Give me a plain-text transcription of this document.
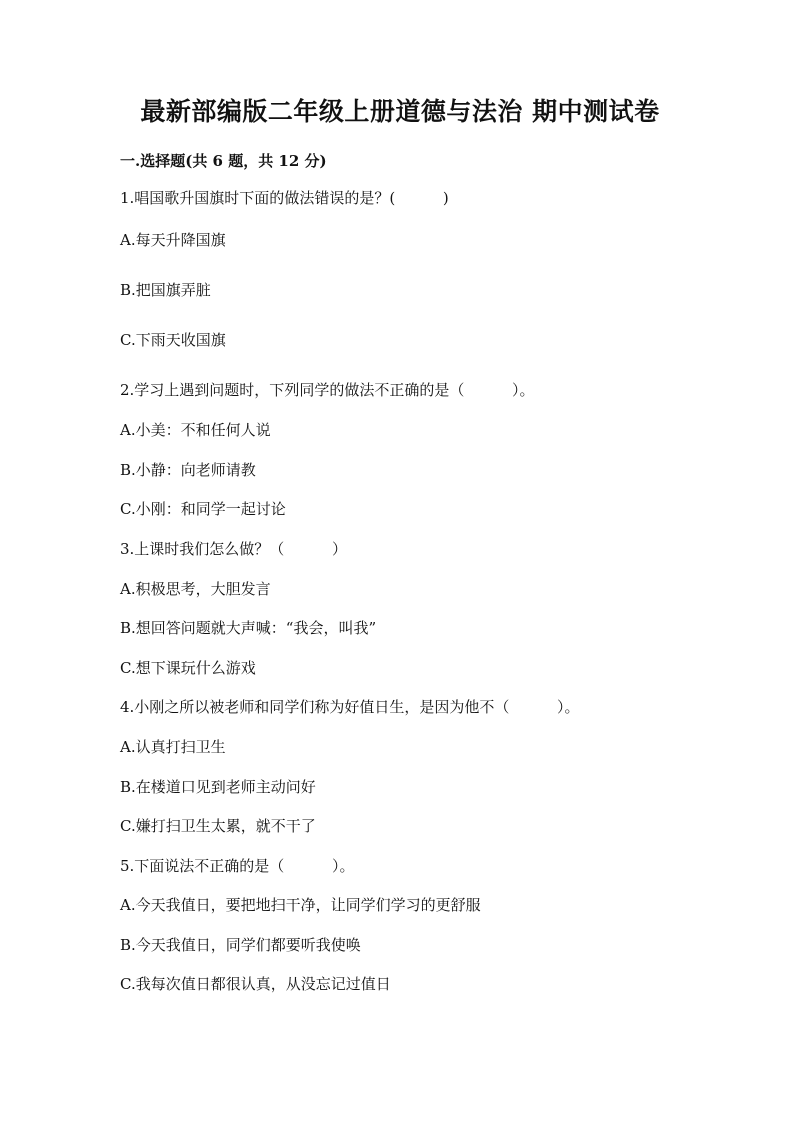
最新部编版二年级上册道德与法治 期中测试卷
一.选择题(共 6 题，共 12 分)
1.唱国歌升国旗时下面的做法错误的是？(          )
A.每天升降国旗
B.把国旗弄脏
C.下雨天收国旗
2.学习上遇到问题时，下列同学的做法不正确的是（          ）。
A.小美：不和任何人说
B.小静：向老师请教
C.小刚：和同学一起讨论
3.上课时我们怎么做？（          ）
A.积极思考，大胆发言
B.想回答问题就大声喊：“我会，叫我”
C.想下课玩什么游戏
4.小刚之所以被老师和同学们称为好值日生，是因为他不（          ）。
A.认真打扫卫生
B.在楼道口见到老师主动问好
C.嫌打扫卫生太累，就不干了
5.下面说法不正确的是（          ）。
A.今天我值日，要把地扫干净，让同学们学习的更舒服
B.今天我值日，同学们都要听我使唤
C.我每次值日都很认真，从没忘记过值日
